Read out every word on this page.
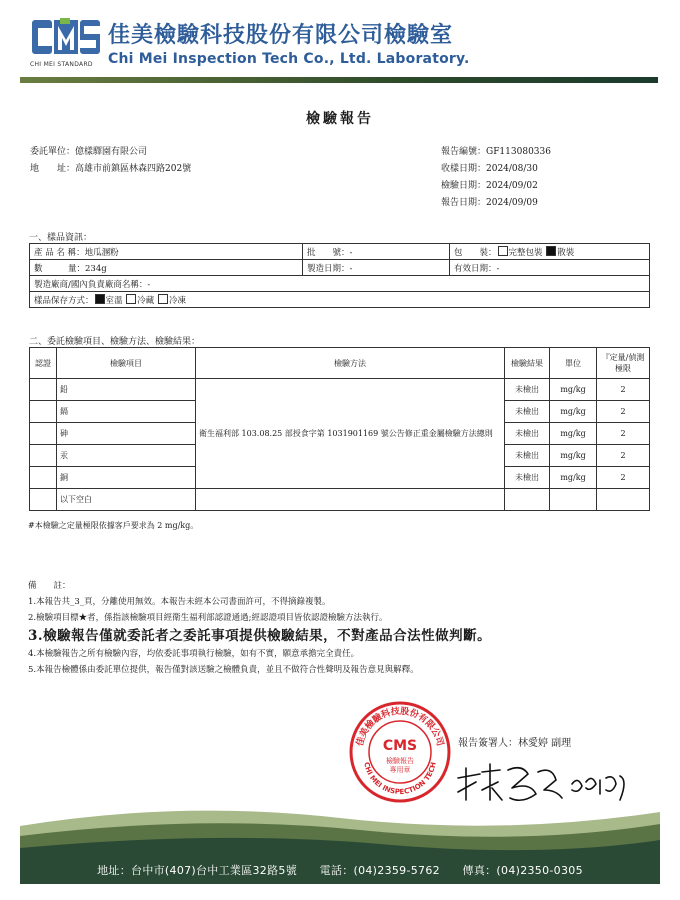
CHI MEI STANDARD
佳美檢驗科技股份有限公司檢驗室
Chi Mei Inspection Tech Co., Ltd. Laboratory.
檢驗報告
委託單位：億樣驛園有限公司
地　　址：高雄市前鎮區林森四路202號
報告編號：GF113080336
收樣日期：2024/08/30
檢驗日期：2024/09/02
報告日期：2024/09/09
一、樣品資訊：
產 品 名 稱：地瓜溷粉	批　　號：-	包　　裝： 完整包裝 散裝
數　　　量：234g	製造日期：-	有效日期：-
製造廠商/國內負責廠商名稱：-		
樣品保存方式： 室溫 冷藏 冷凍		
二、委託檢驗項目、檢驗方法、檢驗結果：
認證	檢驗項目	檢驗方法	檢驗結果	單位	『定量/偵測極限
	鉛	衛生福利部 103.08.25 部授食字第 1031901169 號公告修正重金屬檢驗方法總則	未檢出	mg/kg	2
	鎘		未檢出	mg/kg	2
	砷		未檢出	mg/kg	2
	汞		未檢出	mg/kg	2
	銅		未檢出	mg/kg	2
	以下空白				
#本檢驗之定量極限依據客戶要求為 2 mg/kg。
備　　註：
1.本報告共_3_頁，分離使用無效。本報告未經本公司書面許可，不得摘錄複製。
2.檢驗項目標★者，係指該檢驗項目經衛生福利部認證通過;經認證項目皆依認證檢驗方法執行。
3.檢驗報告僅就委託者之委託事項提供檢驗結果，不對產品合法性做判斷。
4.本檢驗報告之所有檢驗內容，均依委託事項執行檢驗，如有不實，願意承擔完全責任。
5.本報告檢體係由委託單位提供，報告僅對該送驗之檢體負責，並且不做符合性聲明及報告意見與解釋。
佳美檢驗科技股份有限公司
CHI MEI INSPECTION TECH
CMS
檢驗報告
專用章
報告簽署人：林愛婷 副理
地址：台中市(407)台中工業區32路5號　　電話：(04)2359-5762　　傳真：(04)2350-0305
